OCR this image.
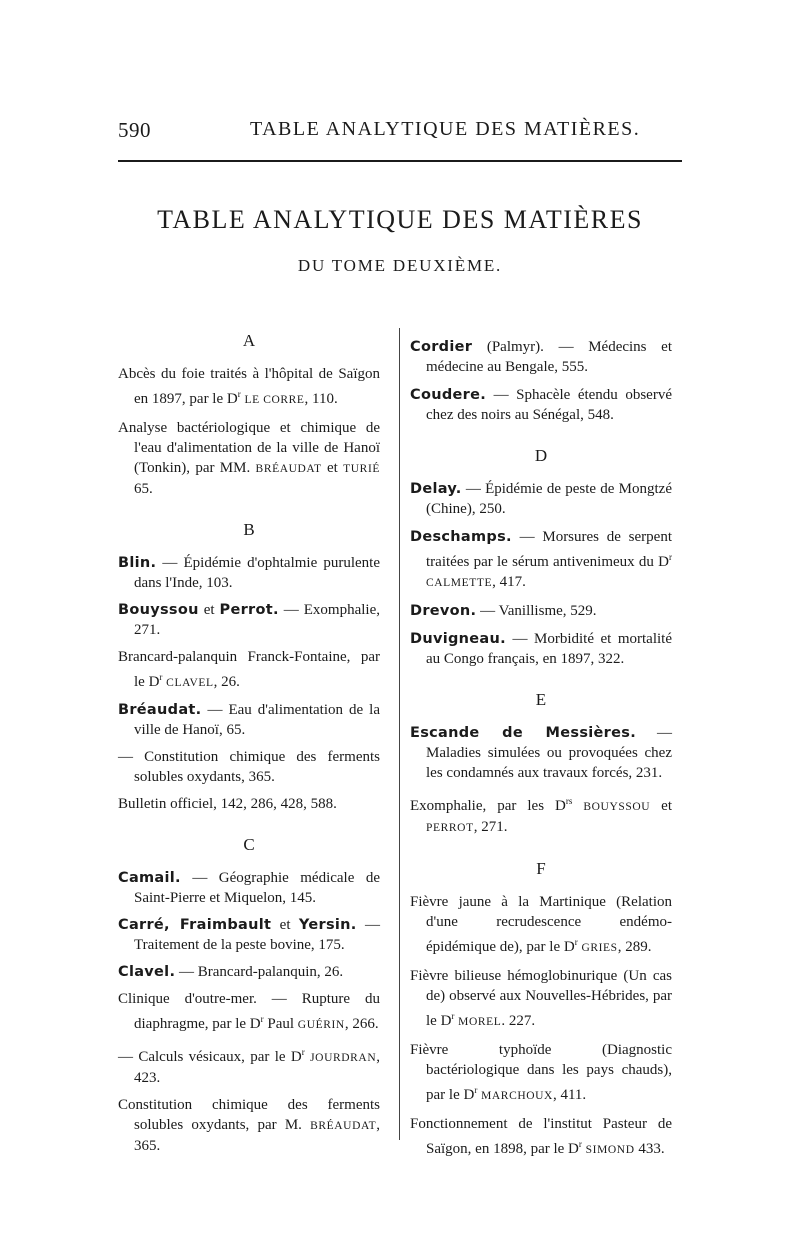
590	TABLE ANALYTIQUE DES MATIÈRES.
TABLE ANALYTIQUE DES MATIÈRES
DU TOME DEUXIÈME.
A

Abcès du foie traités à l'hôpital de Saïgon en 1897, par le $D^r$ LE CORRE, 110.

Analyse bactériologique et chimique de l'eau d'alimentation de la ville de Hanoï (Tonkin), par MM. BRÉAUDAT et TURIÉ 65.

B

Blin. — Épidémie d'ophtalmie purulente dans l'Inde, 103.

Bouyssou et Perrot. — Exomphalie, 271.

Brancard-palanquin Franck-Fontaine, par le $D^r$ CLAVEL, 26.

Bréaudat. — Eau d'alimentation de la ville de Hanoï, 65.

— Constitution chimique des ferments solubles oxydants, 365.

Bulletin officiel, 142, 286, 428, 588.

C

Camail. — Géographie médicale de Saint-Pierre et Miquelon, 145.

Carré, Fraimbault et Yersin. — Traitement de la peste bovine, 175.

Clavel. — Brancard-palanquin, 26.

Clinique d'outre-mer. — Rupture du diaphragme, par le $D^r$ Paul GUÉRIN, 266.

— Calculs vésicaux, par le $D^r$ JOURDRAN, 423.

Constitution chimique des ferments solubles oxydants, par M. BRÉAUDAT, 365.

Cordier (Palmyr). — Médecins et médecine au Bengale, 555.

Coudere. — Sphacèle étendu observé chez des noirs au Sénégal, 548.

D

Delay. — Épidémie de peste de Mongtzé (Chine), 250.

Deschamps. — Morsures de serpent traitées par le sérum antivenimeux du $D^r$ CALMETTE, 417.

Drevon. — Vanillisme, 529.

Duvigneau. — Morbidité et mortalité au Congo français, en 1897, 322.

E

Escande de Messières. — Maladies simulées ou provoquées chez les condamnés aux travaux forcés, 231.

Exomphalie, par les $D^{rs}$ BOUYSSOU et PERROT, 271.

F

Fièvre jaune à la Martinique (Relation d'une recrudescence endémo-épidémique de), par le $D^r$ GRIES, 289.

Fièvre bilieuse hémoglobinurique (Un cas de) observé aux Nouvelles-Hébrides, par le $D^r$ MOREL. 227.

Fièvre typhoïde (Diagnostic bactériologique dans les pays chauds), par le $D^r$ MARCHOUX, 411.

Fonctionnement de l'institut Pasteur de Saïgon, en 1898, par le $D^r$ SIMOND 433.
